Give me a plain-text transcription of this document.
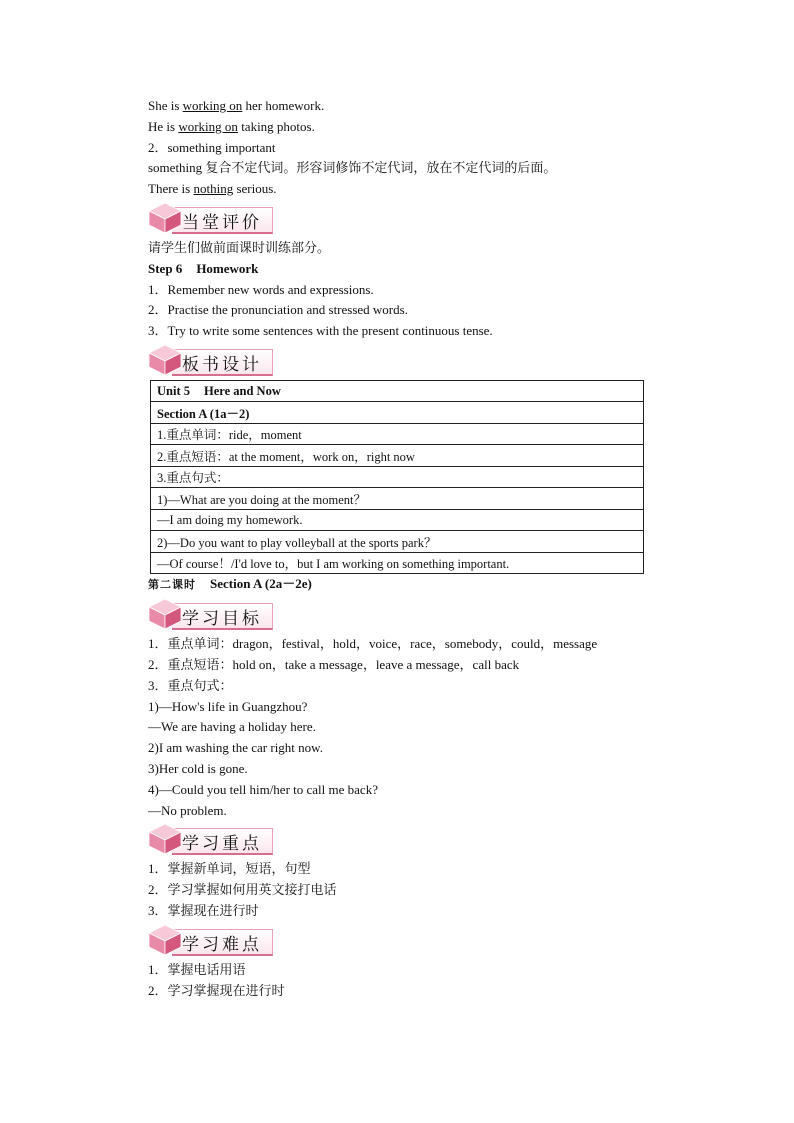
She is working on her homework.
He is working on taking photos.
2．something important
something 复合不定代词。形容词修饰不定代词，放在不定代词的后面。
There is nothing serious.
当堂评价
请学生们做前面课时训练部分。
Step 6 Homework
1．Remember new words and expressions.
2．Practise the pronunciation and stressed words.
3．Try to write some sentences with the present continuous tense.
板书设计
Unit 5 Here and Now
Section A (1a－2)
1.重点单词：ride，moment
2.重点短语：at the moment，work on，right now
3.重点句式：
1)—What are you doing at the moment？
—I am doing my homework.
2)—Do you want to play volleyball at the sports park？
—Of course！/I'd love to，but I am working on something important.
第二课时 Section A (2a－2e)
学习目标
1．重点单词：dragon，festival，hold，voice，race，somebody，could，message
2．重点短语：hold on，take a message，leave a message，call back
3．重点句式：
1)—How's life in Guangzhou?
—We are having a holiday here.
2)I am washing the car right now.
3)Her cold is gone.
4)—Could you tell him/her to call me back?
—No problem.
学习重点
1．掌握新单词，短语，句型
2．学习掌握如何用英文接打电话
3．掌握现在进行时
学习难点
1．掌握电话用语
2．学习掌握现在进行时
